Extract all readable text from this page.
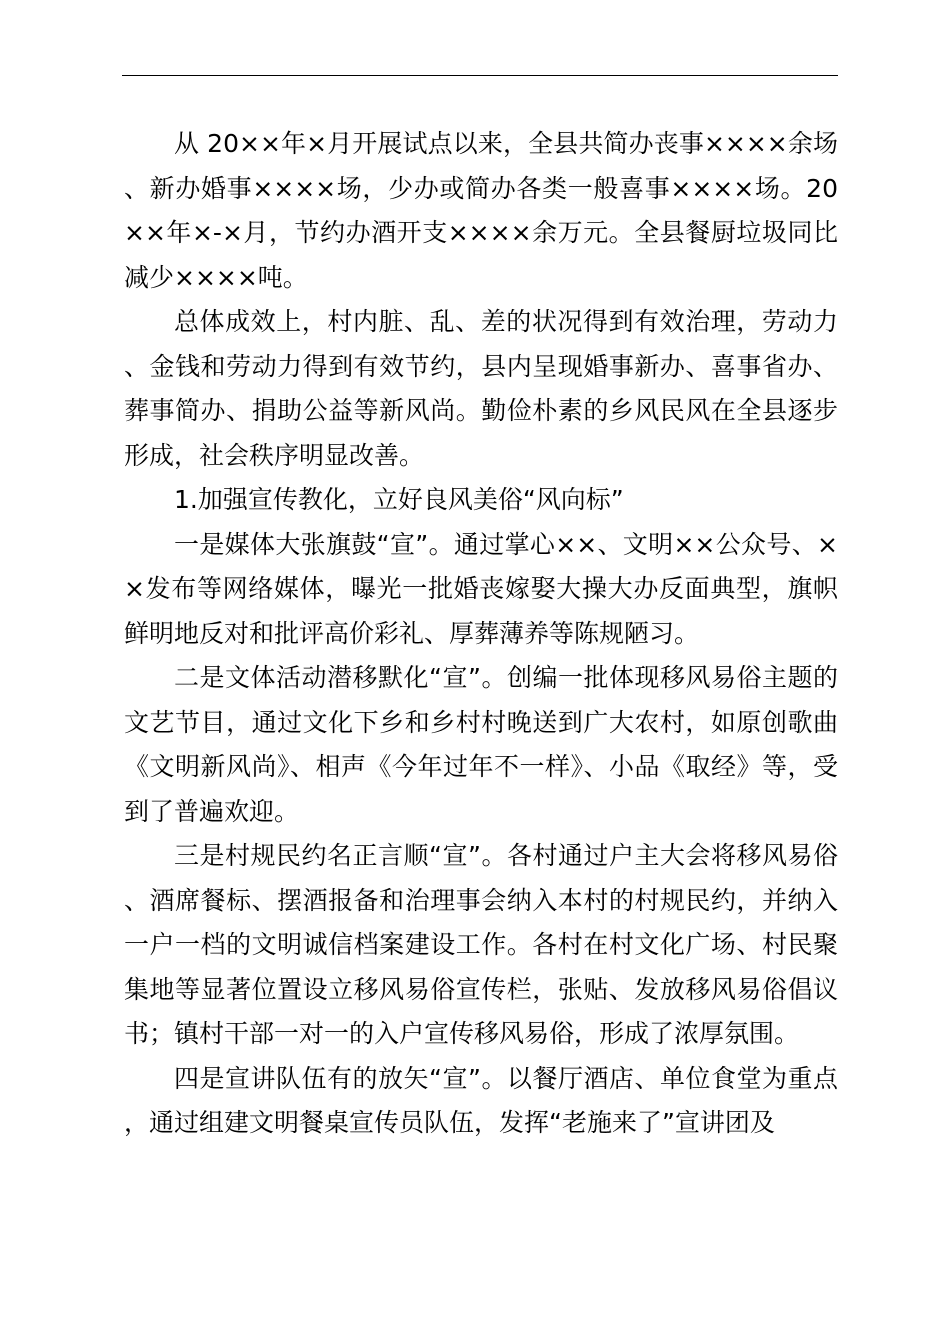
从 20××年×月开展试点以来，全县共简办丧事××××余场、新办婚事××××场，少办或简办各类一般喜事××××场。20××年×-×月，节约办酒开支××××余万元。全县餐厨垃圾同比减少××××吨。

总体成效上，村内脏、乱、差的状况得到有效治理，劳动力、金钱和劳动力得到有效节约，县内呈现婚事新办、喜事省办、葬事简办、捐助公益等新风尚。勤俭朴素的乡风民风在全县逐步形成，社会秩序明显改善。

1.加强宣传教化，立好良风美俗“风向标”

一是媒体大张旗鼓“宣”。通过掌心××、文明××公众号、××发布等网络媒体，曝光一批婚丧嫁娶大操大办反面典型，旗帜鲜明地反对和批评高价彩礼、厚葬薄养等陈规陋习。

二是文体活动潜移默化“宣”。创编一批体现移风易俗主题的文艺节目，通过文化下乡和乡村村晚送到广大农村，如原创歌曲《文明新风尚》、相声《今年过年不一样》、小品《取经》等，受到了普遍欢迎。

三是村规民约名正言顺“宣”。各村通过户主大会将移风易俗、酒席餐标、摆酒报备和治理事会纳入本村的村规民约，并纳入一户一档的文明诚信档案建设工作。各村在村文化广场、村民聚集地等显著位置设立移风易俗宣传栏，张贴、发放移风易俗倡议书；镇村干部一对一的入户宣传移风易俗，形成了浓厚氛围。

四是宣讲队伍有的放矢“宣”。以餐厅酒店、单位食堂为重点，通过组建文明餐桌宣传员队伍，发挥“老施来了”宣讲团及
